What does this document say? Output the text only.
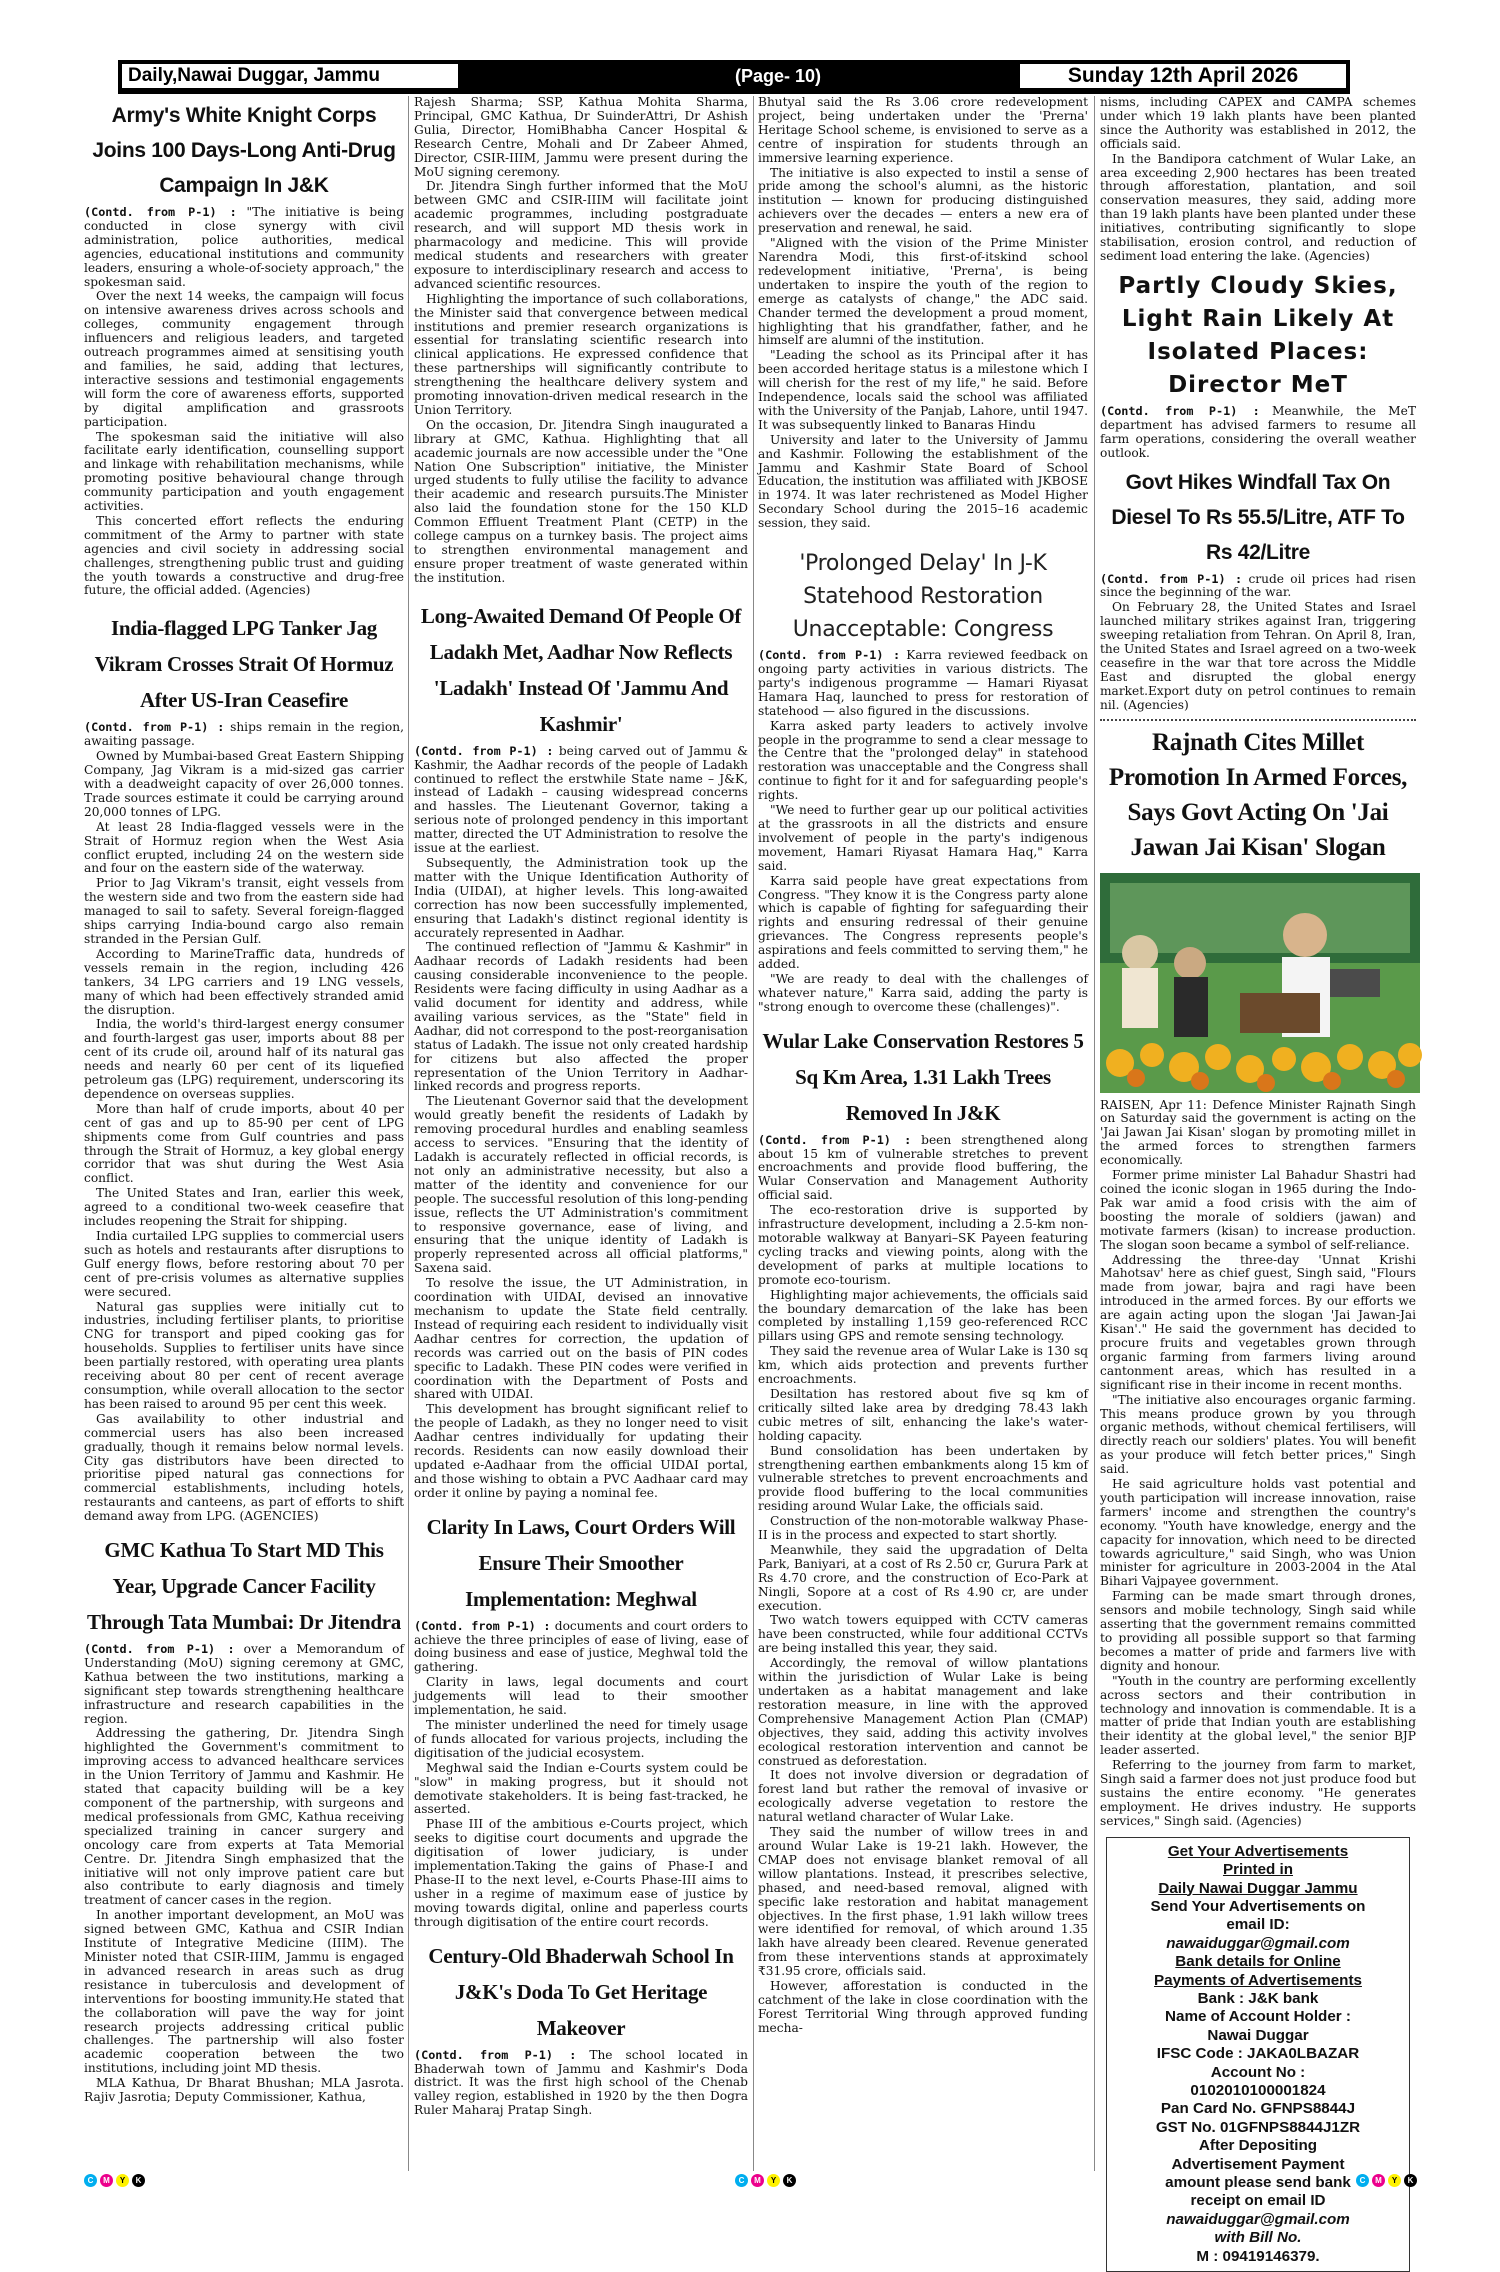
Daily,Nawai Duggar, Jammu	(Page- 10)	Sunday 12th April 2026
Army's White Knight Corps Joins 100 Days-Long Anti-Drug Campaign In J&K

(Contd. from P-1) : "The initiative is being conducted in close synergy with civil administration, police authorities, medical agencies, educational institutions and community leaders, ensuring a whole-of-society approach," the spokesman said.

Over the next 14 weeks, the campaign will focus on intensive awareness drives across schools and colleges, community engagement through influencers and religious leaders, and targeted outreach programmes aimed at sensitising youth and families, he said, adding that lectures, interactive sessions and testimonial engagements will form the core of awareness efforts, supported by digital amplification and grassroots participation.

The spokesman said the initiative will also facilitate early identification, counselling support and linkage with rehabilitation mechanisms, while promoting positive behavioural change through community participation and youth engagement activities.

This concerted effort reflects the enduring commitment of the Army to partner with state agencies and civil society in addressing social challenges, strengthening public trust and guiding the youth towards a constructive and drug-free future, the official added. (Agencies)

India-flagged LPG Tanker Jag Vikram Crosses Strait Of Hormuz After US-Iran Ceasefire

(Contd. from P-1) : ships remain in the region, awaiting passage.

Owned by Mumbai-based Great Eastern Shipping Company, Jag Vikram is a mid-sized gas carrier with a deadweight capacity of over 26,000 tonnes. Trade sources estimate it could be carrying around 20,000 tonnes of LPG.

At least 28 India-flagged vessels were in the Strait of Hormuz region when the West Asia conflict erupted, including 24 on the western side and four on the eastern side of the waterway.

Prior to Jag Vikram's transit, eight vessels from the western side and two from the eastern side had managed to sail to safety. Several foreign-flagged ships carrying India-bound cargo also remain stranded in the Persian Gulf.

According to MarineTraffic data, hundreds of vessels remain in the region, including 426 tankers, 34 LPG carriers and 19 LNG vessels, many of which had been effectively stranded amid the disruption.

India, the world's third-largest energy consumer and fourth-largest gas user, imports about 88 per cent of its crude oil, around half of its natural gas needs and nearly 60 per cent of its liquefied petroleum gas (LPG) requirement, underscoring its dependence on overseas supplies.

More than half of crude imports, about 40 per cent of gas and up to 85-90 per cent of LPG shipments come from Gulf countries and pass through the Strait of Hormuz, a key global energy corridor that was shut during the West Asia conflict.

The United States and Iran, earlier this week, agreed to a conditional two-week ceasefire that includes reopening the Strait for shipping.

India curtailed LPG supplies to commercial users such as hotels and restaurants after disruptions to Gulf energy flows, before restoring about 70 per cent of pre-crisis volumes as alternative supplies were secured.

Natural gas supplies were initially cut to industries, including fertiliser plants, to prioritise CNG for transport and piped cooking gas for households. Supplies to fertiliser units have since been partially restored, with operating urea plants receiving about 80 per cent of recent average consumption, while overall allocation to the sector has been raised to around 95 per cent this week.

Gas availability to other industrial and commercial users has also been increased gradually, though it remains below normal levels. City gas distributors have been directed to prioritise piped natural gas connections for commercial establishments, including hotels, restaurants and canteens, as part of efforts to shift demand away from LPG. (AGENCIES)

GMC Kathua To Start MD This Year, Upgrade Cancer Facility Through Tata Mumbai: Dr Jitendra

(Contd. from P-1) : over a Memorandum of Understanding (MoU) signing ceremony at GMC, Kathua between the two institutions, marking a significant step towards strengthening healthcare infrastructure and research capabilities in the region.

Addressing the gathering, Dr. Jitendra Singh highlighted the Government's commitment to improving access to advanced healthcare services in the Union Territory of Jammu and Kashmir. He stated that capacity building will be a key component of the partnership, with surgeons and medical professionals from GMC, Kathua receiving specialized training in cancer surgery and oncology care from experts at Tata Memorial Centre. Dr. Jitendra Singh emphasized that the initiative will not only improve patient care but also contribute to early diagnosis and timely treatment of cancer cases in the region.

In another important development, an MoU was signed between GMC, Kathua and CSIR Indian Institute of Integrative Medicine (IIIM). The Minister noted that CSIR-IIIM, Jammu is engaged in advanced research in areas such as drug resistance in tuberculosis and development of interventions for boosting immunity.He stated that the collaboration will pave the way for joint research projects addressing critical public challenges. The partnership will also foster academic cooperation between the two institutions, including joint MD thesis.

MLA Kathua, Dr Bharat Bhushan; MLA Jasrota. Rajiv Jasrotia; Deputy Commissioner, Kathua,

Rajesh Sharma; SSP, Kathua Mohita Sharma, Principal, GMC Kathua, Dr SuinderAttri, Dr Ashish Gulia, Director, HomiBhabha Cancer Hospital & Research Centre, Mohali and Dr Zabeer Ahmed, Director, CSIR-IIIM, Jammu were present during the MoU signing ceremony.

Dr. Jitendra Singh further informed that the MoU between GMC and CSIR-IIIM will facilitate joint academic programmes, including postgraduate research, and will support MD thesis work in pharmacology and medicine. This will provide medical students and researchers with greater exposure to interdisciplinary research and access to advanced scientific resources.

Highlighting the importance of such collaborations, the Minister said that convergence between medical institutions and premier research organizations is essential for translating scientific research into clinical applications. He expressed confidence that these partnerships will significantly contribute to strengthening the healthcare delivery system and promoting innovation-driven medical research in the Union Territory.

On the occasion, Dr. Jitendra Singh inaugurated a library at GMC, Kathua. Highlighting that all academic journals are now accessible under the "One Nation One Subscription" initiative, the Minister urged students to fully utilise the facility to advance their academic and research pursuits.The Minister also laid the foundation stone for the 150 KLD Common Effluent Treatment Plant (CETP) in the college campus on a turnkey basis. The project aims to strengthen environmental management and ensure proper treatment of waste generated within the institution.

Long-Awaited Demand Of People Of Ladakh Met, Aadhar Now Reflects 'Ladakh' Instead Of 'Jammu And Kashmir'

(Contd. from P-1) : being carved out of Jammu & Kashmir, the Aadhar records of the people of Ladakh continued to reflect the erstwhile State name – J&K, instead of Ladakh – causing widespread concerns and hassles. The Lieutenant Governor, taking a serious note of prolonged pendency in this important matter, directed the UT Administration to resolve the issue at the earliest.

Subsequently, the Administration took up the matter with the Unique Identification Authority of India (UIDAI), at higher levels. This long-awaited correction has now been successfully implemented, ensuring that Ladakh's distinct regional identity is accurately represented in Aadhar.

The continued reflection of "Jammu & Kashmir" in Aadhaar records of Ladakh residents had been causing considerable inconvenience to the people. Residents were facing difficulty in using Aadhar as a valid document for identity and address, while availing various services, as the "State" field in Aadhar, did not correspond to the post-reorganisation status of Ladakh. The issue not only created hardship for citizens but also affected the proper representation of the Union Territory in Aadhar-linked records and progress reports.

The Lieutenant Governor said that the development would greatly benefit the residents of Ladakh by removing procedural hurdles and enabling seamless access to services. "Ensuring that the identity of Ladakh is accurately reflected in official records, is not only an administrative necessity, but also a matter of the identity and convenience for our people. The successful resolution of this long-pending issue, reflects the UT Administration's commitment to responsive governance, ease of living, and ensuring that the unique identity of Ladakh is properly represented across all official platforms," Saxena said.

To resolve the issue, the UT Administration, in coordination with UIDAI, devised an innovative mechanism to update the State field centrally. Instead of requiring each resident to individually visit Aadhar centres for correction, the updation of records was carried out on the basis of PIN codes specific to Ladakh. These PIN codes were verified in coordination with the Department of Posts and shared with UIDAI.

This development has brought significant relief to the people of Ladakh, as they no longer need to visit Aadhar centres individually for updating their records. Residents can now easily download their updated e-Aadhaar from the official UIDAI portal, and those wishing to obtain a PVC Aadhaar card may order it online by paying a nominal fee.

Clarity In Laws, Court Orders Will Ensure Their Smoother Implementation: Meghwal

(Contd. from P-1) : documents and court orders to achieve the three principles of ease of living, ease of doing business and ease of justice, Meghwal told the gathering.

Clarity in laws, legal documents and court judgements will lead to their smoother implementation, he said.

The minister underlined the need for timely usage of funds allocated for various projects, including the digitisation of the judicial ecosystem.

Meghwal said the Indian e-Courts system could be "slow" in making progress, but it should not demotivate stakeholders. It is being fast-tracked, he asserted.

Phase III of the ambitious e-Courts project, which seeks to digitise court documents and upgrade the digitisation of lower judiciary, is under implementation.Taking the gains of Phase-I and Phase-II to the next level, e-Courts Phase-III aims to usher in a regime of maximum ease of justice by moving towards digital, online and paperless courts through digitisation of the entire court records.

Century-Old Bhaderwah School In J&K's Doda To Get Heritage Makeover

(Contd. from P-1) : The school located in Bhaderwah town of Jammu and Kashmir's Doda district. It was the first high school of the Chenab valley region, established in 1920 by the then Dogra Ruler Maharaj Pratap Singh.

Bhutyal said the Rs 3.06 crore redevelopment project, being undertaken under the 'Prerna' Heritage School scheme, is envisioned to serve as a centre of inspiration for students through an immersive learning experience.

The initiative is also expected to instil a sense of pride among the school's alumni, as the historic institution — known for producing distinguished achievers over the decades — enters a new era of preservation and renewal, he said.

"Aligned with the vision of the Prime Minister Narendra Modi, this first-of-itskind school redevelopment initiative, 'Prerna', is being undertaken to inspire the youth of the region to emerge as catalysts of change," the ADC said. Chander termed the development a proud moment, highlighting that his grandfather, father, and he himself are alumni of the institution.

"Leading the school as its Principal after it has been accorded heritage status is a milestone which I will cherish for the rest of my life," he said. Before Independence, locals said the school was affiliated with the University of the Panjab, Lahore, until 1947. It was subsequently linked to Banaras Hindu

University and later to the University of Jammu and Kashmir. Following the establishment of the Jammu and Kashmir State Board of School Education, the institution was affiliated with JKBOSE in 1974. It was later rechristened as Model Higher Secondary School during the 2015–16 academic session, they said.

'Prolonged Delay' In J-K Statehood Restoration Unacceptable: Congress

(Contd. from P-1) : Karra reviewed feedback on ongoing party activities in various districts. The party's indigenous programme — Hamari Riyasat Hamara Haq, launched to press for restoration of statehood — also figured in the discussions.

Karra asked party leaders to actively involve people in the programme to send a clear message to the Centre that the "prolonged delay" in statehood restoration was unacceptable and the Congress shall continue to fight for it and for safeguarding people's rights.

"We need to further gear up our political activities at the grassroots in all the districts and ensure involvement of people in the party's indigenous movement, Hamari Riyasat Hamara Haq," Karra said.

Karra said people have great expectations from Congress. "They know it is the Congress party alone which is capable of fighting for safeguarding their rights and ensuring redressal of their genuine grievances. The Congress represents people's aspirations and feels committed to serving them," he added.

"We are ready to deal with the challenges of whatever nature," Karra said, adding the party is "strong enough to overcome these (challenges)".

Wular Lake Conservation Restores 5 Sq Km Area, 1.31 Lakh Trees Removed In J&K

(Contd. from P-1) : been strengthened along about 15 km of vulnerable stretches to prevent encroachments and provide flood buffering, the Wular Conservation and Management Authority official said.

The eco-restoration drive is supported by infrastructure development, including a 2.5-km non-motorable walkway at Banyari–SK Payeen featuring cycling tracks and viewing points, along with the development of parks at multiple locations to promote eco-tourism.

Highlighting major achievements, the officials said the boundary demarcation of the lake has been completed by installing 1,159 geo-referenced RCC pillars using GPS and remote sensing technology.

They said the revenue area of Wular Lake is 130 sq km, which aids protection and prevents further encroachments.

Desiltation has restored about five sq km of critically silted lake area by dredging 78.43 lakh cubic metres of silt, enhancing the lake's water-holding capacity.

Bund consolidation has been undertaken by strengthening earthen embankments along 15 km of vulnerable stretches to prevent encroachments and provide flood buffering to the local communities residing around Wular Lake, the officials said.

Construction of the non-motorable walkway Phase-II is in the process and expected to start shortly.

Meanwhile, they said the upgradation of Delta Park, Baniyari, at a cost of Rs 2.50 cr, Gurura Park at Rs 4.70 crore, and the construction of Eco-Park at Ningli, Sopore at a cost of Rs 4.90 cr, are under execution.

Two watch towers equipped with CCTV cameras have been constructed, while four additional CCTVs are being installed this year, they said.

Accordingly, the removal of willow plantations within the jurisdiction of Wular Lake is being undertaken as a habitat management and lake restoration measure, in line with the approved Comprehensive Management Action Plan (CMAP) objectives, they said, adding this activity involves ecological restoration intervention and cannot be construed as deforestation.

It does not involve diversion or degradation of forest land but rather the removal of invasive or ecologically adverse vegetation to restore the natural wetland character of Wular Lake.

They said the number of willow trees in and around Wular Lake is 19-21 lakh. However, the CMAP does not envisage blanket removal of all willow plantations. Instead, it prescribes selective, phased, and need-based removal, aligned with specific lake restoration and habitat management objectives. In the first phase, 1.91 lakh willow trees were identified for removal, of which around 1.35 lakh have already been cleared. Revenue generated from these interventions stands at approximately ₹31.95 crore, officials said.

However, afforestation is conducted in the catchment of the lake in close coordination with the Forest Territorial Wing through approved funding mecha-

nisms, including CAPEX and CAMPA schemes under which 19 lakh plants have been planted since the Authority was established in 2012, the officials said.

In the Bandipora catchment of Wular Lake, an area exceeding 2,900 hectares has been treated through afforestation, plantation, and soil conservation measures, they said, adding more than 19 lakh plants have been planted under these initiatives, contributing significantly to slope stabilisation, erosion control, and reduction of sediment load entering the lake. (Agencies)

Partly Cloudy Skies, Light Rain Likely At Isolated Places: Director MeT

(Contd. from P-1) : Meanwhile, the MeT department has advised farmers to resume all farm operations, considering the overall weather outlook.

Govt Hikes Windfall Tax On Diesel To Rs 55.5/Litre, ATF To Rs 42/Litre

(Contd. from P-1) : crude oil prices had risen since the beginning of the war.

On February 28, the United States and Israel launched military strikes against Iran, triggering sweeping retaliation from Tehran. On April 8, Iran, the United States and Israel agreed on a two-week ceasefire in the war that tore across the Middle East and disrupted the global energy market.Export duty on petrol continues to remain nil. (Agencies)

Rajnath Cites Millet Promotion In Armed Forces, Says Govt Acting On 'Jai Jawan Jai Kisan' Slogan

RAISEN, Apr 11: Defence Minister Rajnath Singh on Saturday said the government is acting on the 'Jai Jawan Jai Kisan' slogan by promoting millet in the armed forces to strengthen farmers economically.

Former prime minister Lal Bahadur Shastri had coined the iconic slogan in 1965 during the Indo-Pak war amid a food crisis with the aim of boosting the morale of soldiers (jawan) and motivate farmers (kisan) to increase production. The slogan soon became a symbol of self-reliance.

Addressing the three-day 'Unnat Krishi Mahotsav' here as chief guest, Singh said, "Flours made from jowar, bajra and ragi have been introduced in the armed forces. By our efforts we are again acting upon the slogan 'Jai Jawan-Jai Kisan'." He said the government has decided to procure fruits and vegetables grown through organic farming from farmers living around cantonment areas, which has resulted in a significant rise in their income in recent months.

"The initiative also encourages organic farming. This means produce grown by you through organic methods, without chemical fertilisers, will directly reach our soldiers' plates. You will benefit as your produce will fetch better prices," Singh said.

He said agriculture holds vast potential and youth participation will increase innovation, raise farmers' income and strengthen the country's economy. "Youth have knowledge, energy and the capacity for innovation, which need to be directed towards agriculture," said Singh, who was Union minister for agriculture in 2003-2004 in the Atal Bihari Vajpayee government.

Farming can be made smart through drones, sensors and mobile technology, Singh said while asserting that the government remains committed to providing all possible support so that farming becomes a matter of pride and farmers live with dignity and honour.

"Youth in the country are performing excellently across sectors and their contribution in technology and innovation is commendable. It is a matter of pride that Indian youth are establishing their identity at the global level," the senior BJP leader asserted.

Referring to the journey from farm to market, Singh said a farmer does not just produce food but sustains the entire economy. "He generates employment. He drives industry. He supports services," Singh said. (Agencies)

Get Your Advertisements
Printed in
Daily Nawai Duggar Jammu
Send Your Advertisements on
email ID:
nawaiduggar@gmail.com
Bank details for Online
Payments of Advertisements
Bank : J&K bank
Name of Account Holder :
Nawai Duggar
IFSC Code : JAKA0LBAZAR
Account No :
0102010100001824
Pan Card No. GFNPS8844J
GST No. 01GFNPS8844J1ZR
After Depositing
Advertisement Payment
amount please send bank
receipt on email ID
nawaiduggar@gmail.com
with Bill No.
M : 09419146379.
C	M	Y	K	C	M	Y	K	C	M	Y	K
